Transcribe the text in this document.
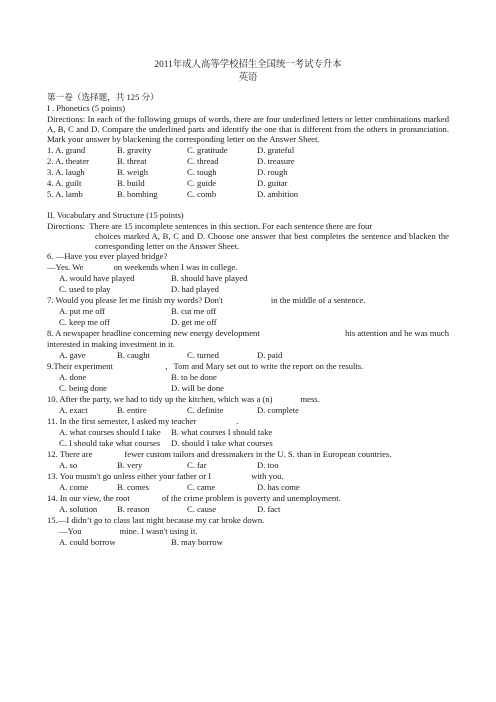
2011年成人高等学校招生全国统一考试专升本
英语
第一卷（选择题，共 125 分）
I . Phonetics (5 points)

Directions: In each of the following groups of words, there are four underlined letters or letter combinations marked A, B, C and D. Compare the underlined parts and identify the one that is different from the others in pronunciation. Mark your answer by blackening the corresponding letter on the Answer Sheet.

1. A. grand	B. gravity	C. gratitude	D. grateful
2. A. theater	B. threat	C. thread	D. treasure
3. A. laugh	B. weigh	C. tough	D. rough
4. A. guilt	B. build	C. guide	D. guitar
5. A. lamb	B. bombing	C. comb	D. ambition
II. Vocabulary and Structure (15 points)
Directions: There are 15 incomplete sentences in this section. For each sentence there are four
choices marked A, B, C and D. Choose one answer that best completes the sentence and blacken the corresponding letter on the Answer Sheet.
6. —Have you ever played bridge?
—Yes. We	on weekends when I was in college.
A. would have played	B. should have played
C. used to play	D. had played
7. Would you please let me finish my words? Don't	in the middle of a sentence.
A. put me off	B. cut me off
C. keep me off	D. get me off
8. A newspaper headline concerning new energy development	his attention and he was much
interested in making investment in it.
A. gave	B. caught	C. turned	D. paid
9.Their experiment	，Tom and Mary set out to write the report on the results.
A. done	B. to be done
C. being done	D. will be done
10. After the party, we had to tidy up the kitchen, which was a (n)	mess.
A. exact	B. entire	C. definite	D. complete
11. In the first semester, I asked my teacher	.
A. what courses should I take	B. what courses I should take
C. I should take what courses	D. should I take what courses
12. There are	fewer custom tailors and dressmakers in the U. S. than in European countries.
A. so	B. very	C. far	D. too
13. You mustn't go unless either your father or I	with you.
A. come	B. comes	C. came	D. has come
14. In our view, the root	of the crime problem is poverty and unemployment.
A. solution	B. reason	C. cause	D. fact
15.—I didn’t go to class last night because my car broke down.
—You	mine. I wasn't using it.
A. could borrow	B. may borrow
